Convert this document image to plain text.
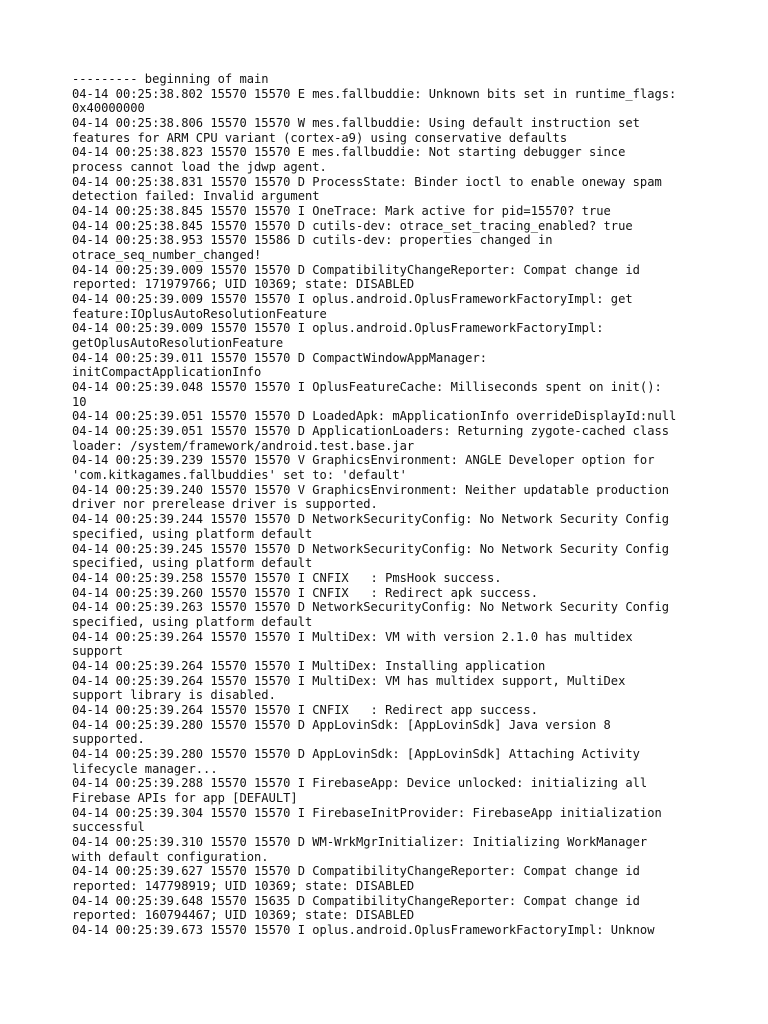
--------- beginning of main
04-14 00:25:38.802 15570 15570 E mes.fallbuddie: Unknown bits set in runtime_flags:
0x40000000
04-14 00:25:38.806 15570 15570 W mes.fallbuddie: Using default instruction set
features for ARM CPU variant (cortex-a9) using conservative defaults
04-14 00:25:38.823 15570 15570 E mes.fallbuddie: Not starting debugger since
process cannot load the jdwp agent.
04-14 00:25:38.831 15570 15570 D ProcessState: Binder ioctl to enable oneway spam
detection failed: Invalid argument
04-14 00:25:38.845 15570 15570 I OneTrace: Mark active for pid=15570? true
04-14 00:25:38.845 15570 15570 D cutils-dev: otrace_set_tracing_enabled? true
04-14 00:25:38.953 15570 15586 D cutils-dev: properties changed in
otrace_seq_number_changed!
04-14 00:25:39.009 15570 15570 D CompatibilityChangeReporter: Compat change id
reported: 171979766; UID 10369; state: DISABLED
04-14 00:25:39.009 15570 15570 I oplus.android.OplusFrameworkFactoryImpl: get
feature:IOplusAutoResolutionFeature
04-14 00:25:39.009 15570 15570 I oplus.android.OplusFrameworkFactoryImpl:
getOplusAutoResolutionFeature
04-14 00:25:39.011 15570 15570 D CompactWindowAppManager:
initCompactApplicationInfo
04-14 00:25:39.048 15570 15570 I OplusFeatureCache: Milliseconds spent on init():
10
04-14 00:25:39.051 15570 15570 D LoadedApk: mApplicationInfo overrideDisplayId:null
04-14 00:25:39.051 15570 15570 D ApplicationLoaders: Returning zygote-cached class
loader: /system/framework/android.test.base.jar
04-14 00:25:39.239 15570 15570 V GraphicsEnvironment: ANGLE Developer option for
'com.kitkagames.fallbuddies' set to: 'default'
04-14 00:25:39.240 15570 15570 V GraphicsEnvironment: Neither updatable production
driver nor prerelease driver is supported.
04-14 00:25:39.244 15570 15570 D NetworkSecurityConfig: No Network Security Config
specified, using platform default
04-14 00:25:39.245 15570 15570 D NetworkSecurityConfig: No Network Security Config
specified, using platform default
04-14 00:25:39.258 15570 15570 I CNFIX   : PmsHook success.
04-14 00:25:39.260 15570 15570 I CNFIX   : Redirect apk success.
04-14 00:25:39.263 15570 15570 D NetworkSecurityConfig: No Network Security Config
specified, using platform default
04-14 00:25:39.264 15570 15570 I MultiDex: VM with version 2.1.0 has multidex
support
04-14 00:25:39.264 15570 15570 I MultiDex: Installing application
04-14 00:25:39.264 15570 15570 I MultiDex: VM has multidex support, MultiDex
support library is disabled.
04-14 00:25:39.264 15570 15570 I CNFIX   : Redirect app success.
04-14 00:25:39.280 15570 15570 D AppLovinSdk: [AppLovinSdk] Java version 8
supported.
04-14 00:25:39.280 15570 15570 D AppLovinSdk: [AppLovinSdk] Attaching Activity
lifecycle manager...
04-14 00:25:39.288 15570 15570 I FirebaseApp: Device unlocked: initializing all
Firebase APIs for app [DEFAULT]
04-14 00:25:39.304 15570 15570 I FirebaseInitProvider: FirebaseApp initialization
successful
04-14 00:25:39.310 15570 15570 D WM-WrkMgrInitializer: Initializing WorkManager
with default configuration.
04-14 00:25:39.627 15570 15570 D CompatibilityChangeReporter: Compat change id
reported: 147798919; UID 10369; state: DISABLED
04-14 00:25:39.648 15570 15635 D CompatibilityChangeReporter: Compat change id
reported: 160794467; UID 10369; state: DISABLED
04-14 00:25:39.673 15570 15570 I oplus.android.OplusFrameworkFactoryImpl: Unknow
